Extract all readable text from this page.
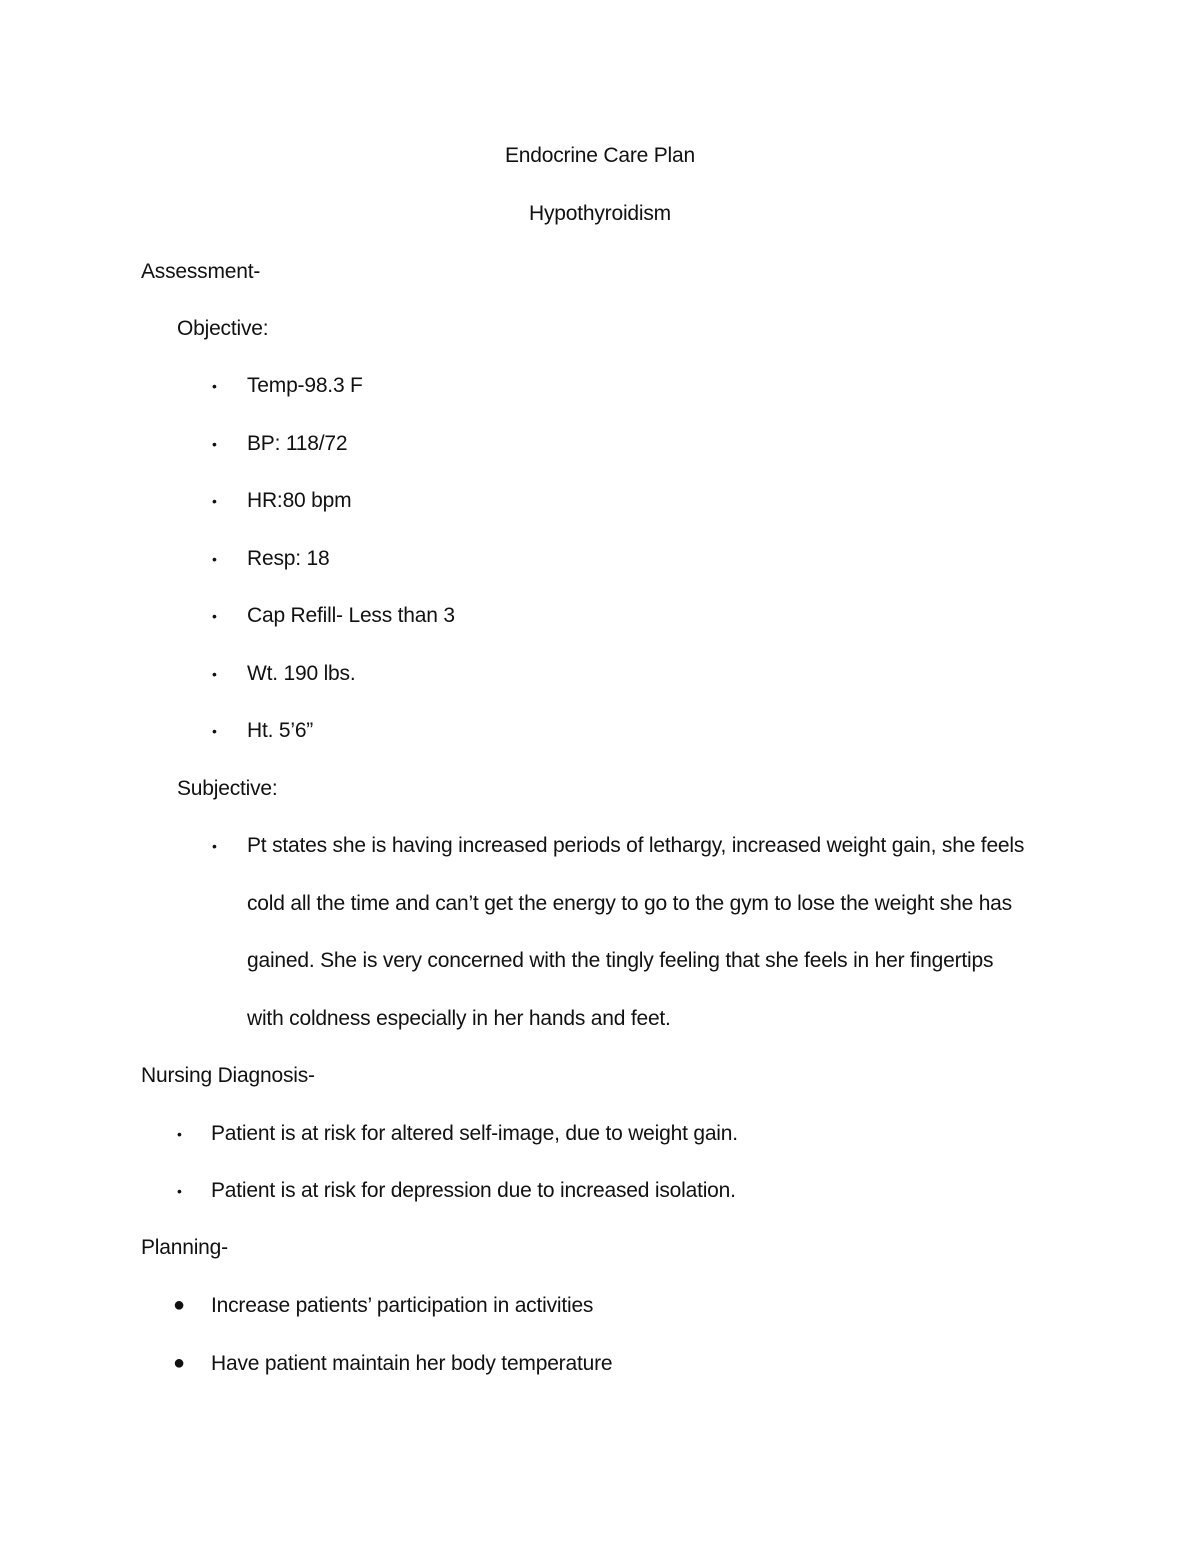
Endocrine Care Plan
Hypothyroidism
Assessment-
Objective:
• Temp-98.3 F
• BP: 118/72
• HR:80 bpm
• Resp: 18
• Cap Refill- Less than 3
• Wt. 190 lbs.
• Ht. 5’6”
Subjective:
• Pt states she is having increased periods of lethargy, increased weight gain, she feels
cold all the time and can’t get the energy to go to the gym to lose the weight she has
gained. She is very concerned with the tingly feeling that she feels in her fingertips
with coldness especially in her hands and feet.
Nursing Diagnosis-
• Patient is at risk for altered self-image, due to weight gain.
• Patient is at risk for depression due to increased isolation.
Planning-
● Increase patients’ participation in activities
● Have patient maintain her body temperature
